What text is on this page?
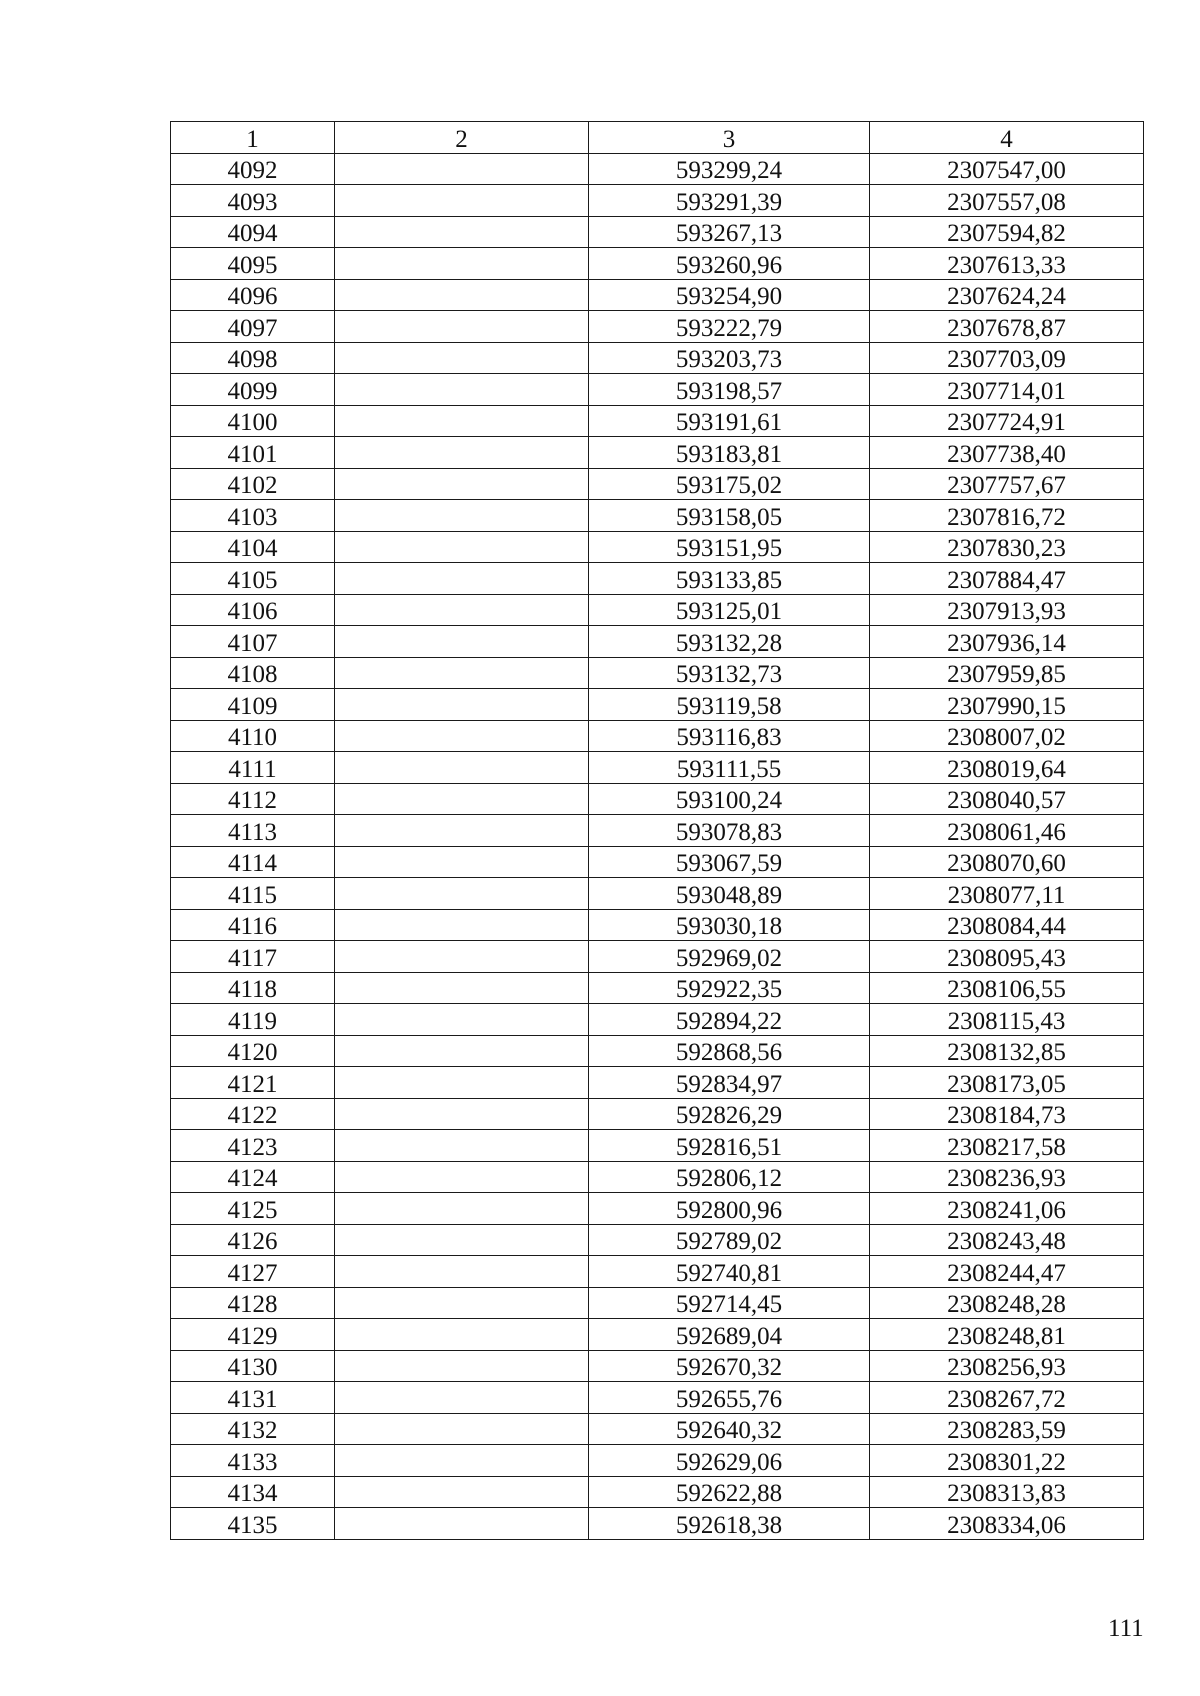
1	2	3	4
4092		593299,24	2307547,00
4093		593291,39	2307557,08
4094		593267,13	2307594,82
4095		593260,96	2307613,33
4096		593254,90	2307624,24
4097		593222,79	2307678,87
4098		593203,73	2307703,09
4099		593198,57	2307714,01
4100		593191,61	2307724,91
4101		593183,81	2307738,40
4102		593175,02	2307757,67
4103		593158,05	2307816,72
4104		593151,95	2307830,23
4105		593133,85	2307884,47
4106		593125,01	2307913,93
4107		593132,28	2307936,14
4108		593132,73	2307959,85
4109		593119,58	2307990,15
4110		593116,83	2308007,02
4111		593111,55	2308019,64
4112		593100,24	2308040,57
4113		593078,83	2308061,46
4114		593067,59	2308070,60
4115		593048,89	2308077,11
4116		593030,18	2308084,44
4117		592969,02	2308095,43
4118		592922,35	2308106,55
4119		592894,22	2308115,43
4120		592868,56	2308132,85
4121		592834,97	2308173,05
4122		592826,29	2308184,73
4123		592816,51	2308217,58
4124		592806,12	2308236,93
4125		592800,96	2308241,06
4126		592789,02	2308243,48
4127		592740,81	2308244,47
4128		592714,45	2308248,28
4129		592689,04	2308248,81
4130		592670,32	2308256,93
4131		592655,76	2308267,72
4132		592640,32	2308283,59
4133		592629,06	2308301,22
4134		592622,88	2308313,83
4135		592618,38	2308334,06
111
